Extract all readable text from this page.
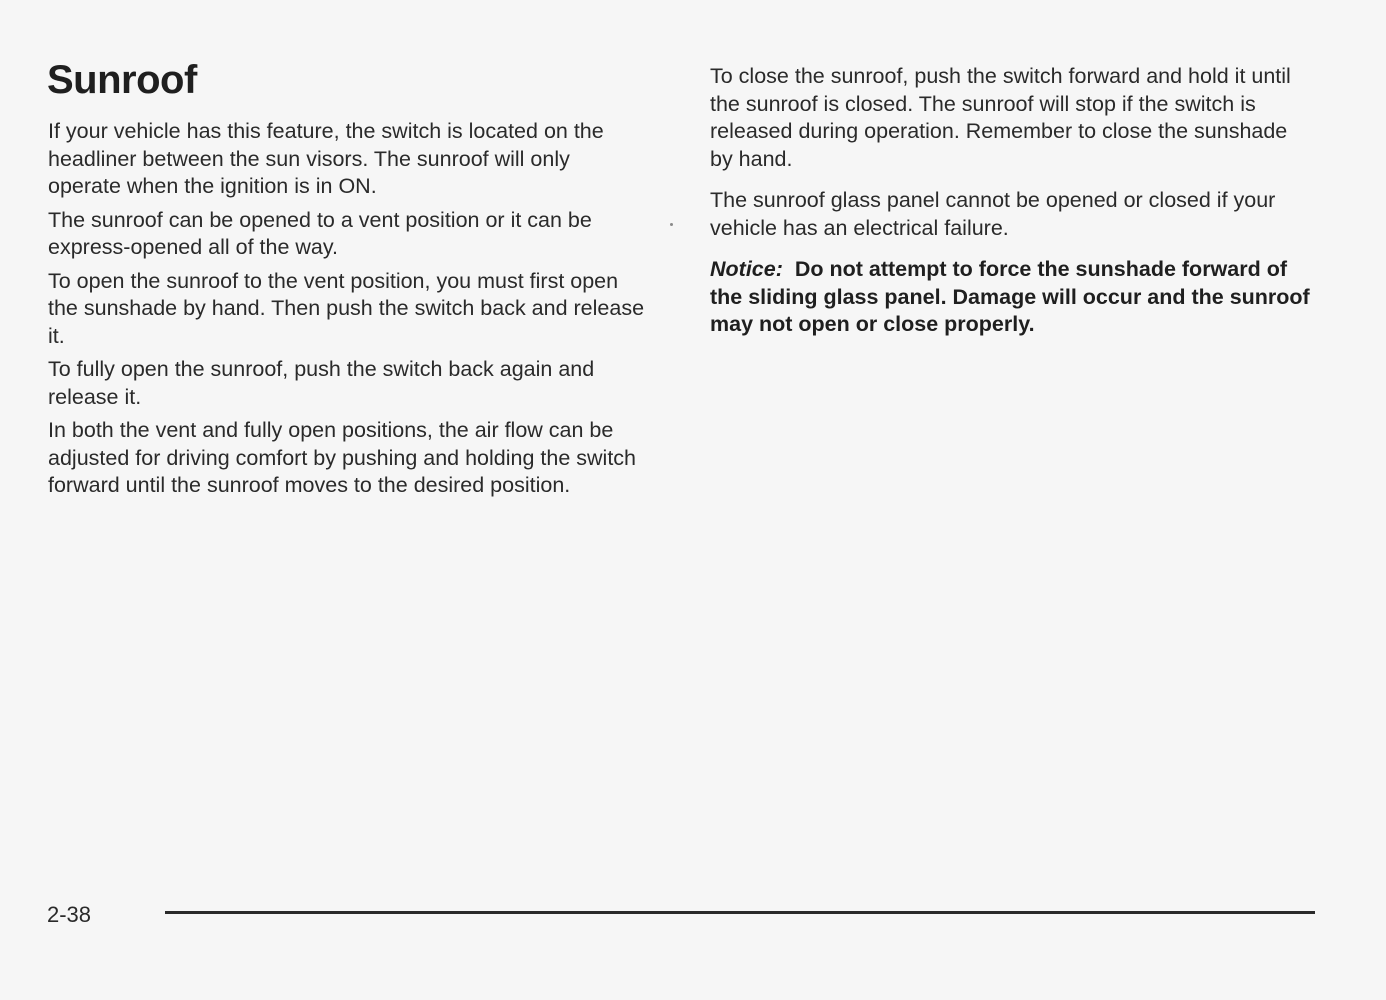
Sunroof

If your vehicle has this feature, the switch is located on the headliner between the sun visors. The sunroof will only operate when the ignition is in ON.

The sunroof can be opened to a vent position or it can be express-opened all of the way.

To open the sunroof to the vent position, you must first open the sunshade by hand. Then push the switch back and release it.

To fully open the sunroof, push the switch back again and release it.

In both the vent and fully open positions, the air flow can be adjusted for driving comfort by pushing and holding the switch forward until the sunroof moves to the desired position.

To close the sunroof, push the switch forward and hold it until the sunroof is closed. The sunroof will stop if the switch is released during operation. Remember to close the sunshade by hand.

The sunroof glass panel cannot be opened or closed if your vehicle has an electrical failure.

Notice: Do not attempt to force the sunshade forward of the sliding glass panel. Damage will occur and the sunroof may not open or close properly.

2-38
